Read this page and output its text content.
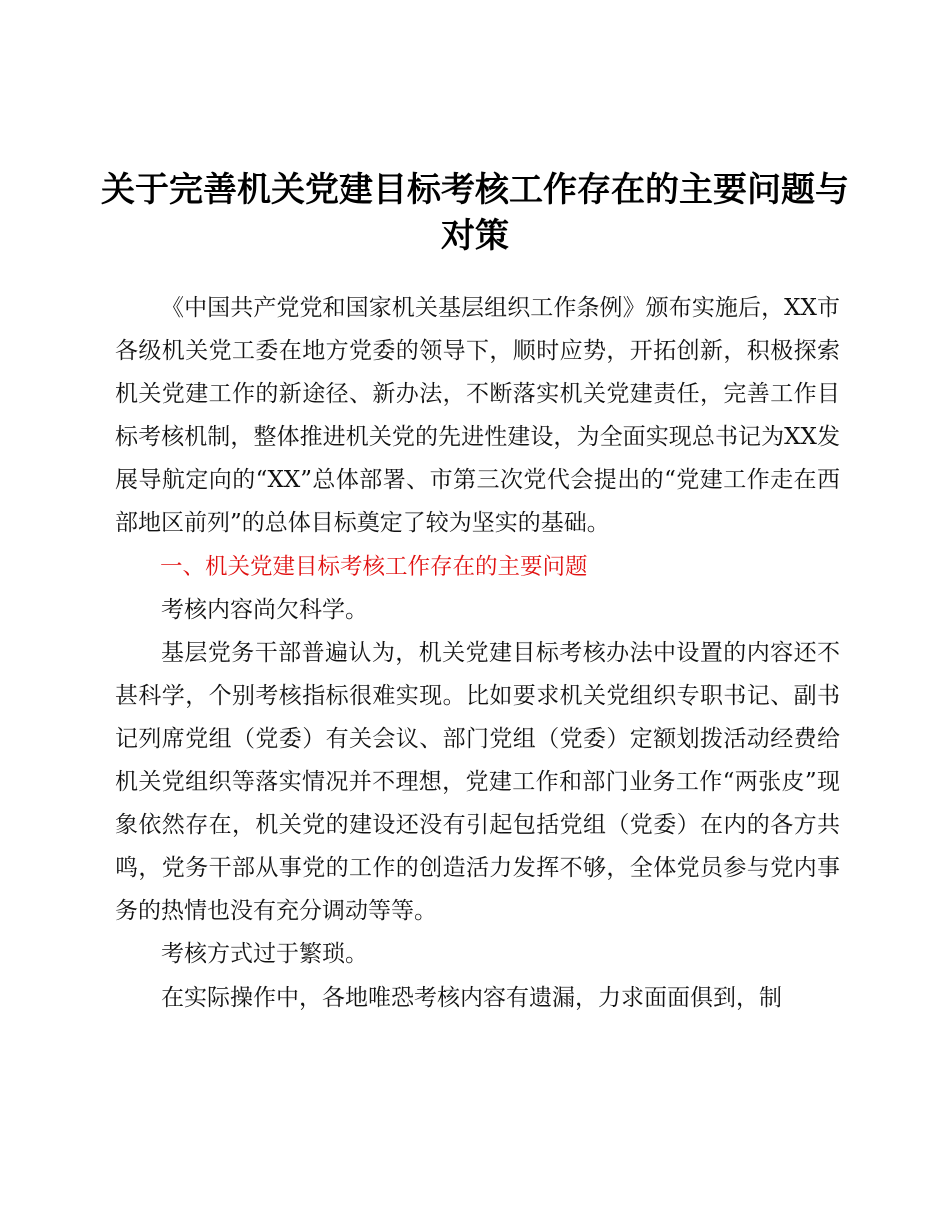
关于完善机关党建目标考核工作存在的主要问题与对策

《中国共产党党和国家机关基层组织工作条例》颁布实施后，XX市各级机关党工委在地方党委的领导下，顺时应势，开拓创新，积极探索机关党建工作的新途径、新办法，不断落实机关党建责任，完善工作目标考核机制，整体推进机关党的先进性建设，为全面实现总书记为XX发展导航定向的“XX”总体部署、市第三次党代会提出的“党建工作走在西部地区前列”的总体目标奠定了较为坚实的基础。

一、机关党建目标考核工作存在的主要问题

考核内容尚欠科学。

基层党务干部普遍认为，机关党建目标考核办法中设置的内容还不甚科学，个别考核指标很难实现。比如要求机关党组织专职书记、副书记列席党组（党委）有关会议、部门党组（党委）定额划拨活动经费给机关党组织等落实情况并不理想，党建工作和部门业务工作“两张皮”现象依然存在，机关党的建设还没有引起包括党组（党委）在内的各方共鸣，党务干部从事党的工作的创造活力发挥不够，全体党员参与党内事务的热情也没有充分调动等等。

考核方式过于繁琐。

在实际操作中，各地唯恐考核内容有遗漏，力求面面俱到，制
